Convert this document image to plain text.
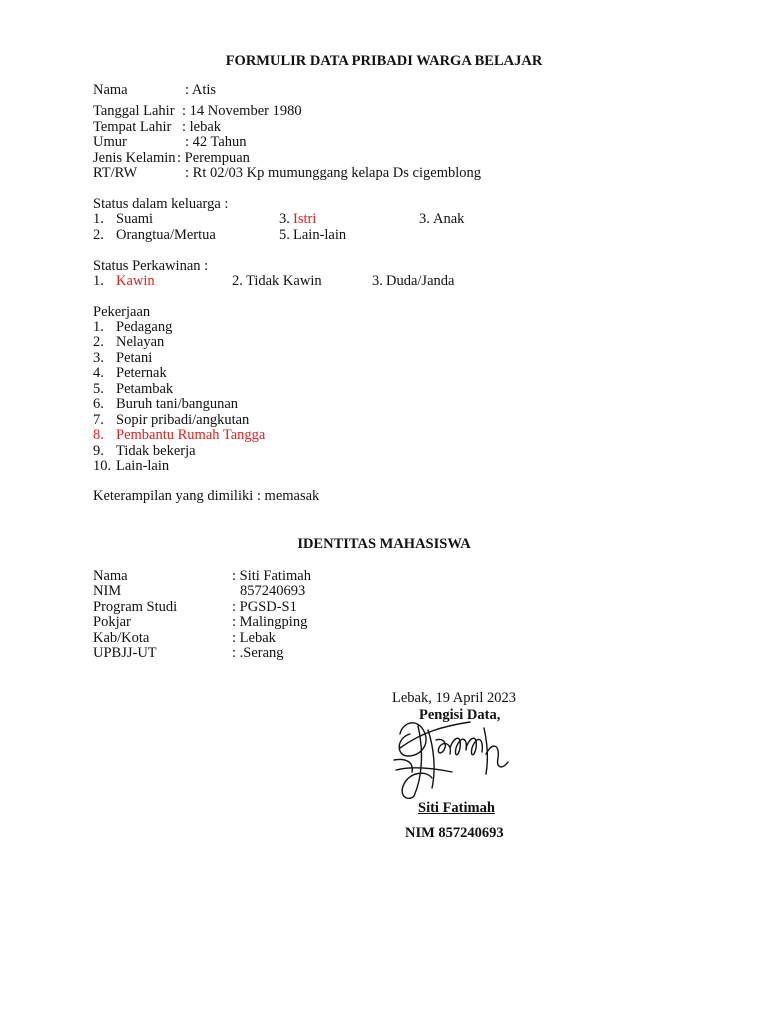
FORMULIR DATA PRIBADI WARGA BELAJAR
Nama	: Atis
Tanggal Lahir : 14 November 1980
Tempat Lahir : lebak
Umur	: 42 Tahun
Jenis Kelamin : Perempuan
RT/RW	: Rt 02/03 Kp mumunggang kelapa Ds cigemblong
Status dalam keluarga :
1. Suami	3. Istri	3. Anak
2. Orangtua/Mertua	5. Lain-lain
Status Perkawinan :
1. Kawin	2. Tidak Kawin	3. Duda/Janda
Pekerjaan
1. Pedagang
2. Nelayan
3. Petani
4. Peternak
5. Petambak
6. Buruh tani/bangunan
7. Sopir pribadi/angkutan
8. Pembantu Rumah Tangga
9. Tidak bekerja
10. Lain-lain
Keterampilan yang dimiliki : memasak
IDENTITAS MAHASISWA
Nama	: Siti Fatimah
NIM	857240693
Program Studi	: PGSD-S1
Pokjar	: Malingping
Kab/Kota	: Lebak
UPBJJ-UT	: .Serang
Lebak, 19 April 2023
Pengisi Data,
Siti Fatimah
NIM 857240693
